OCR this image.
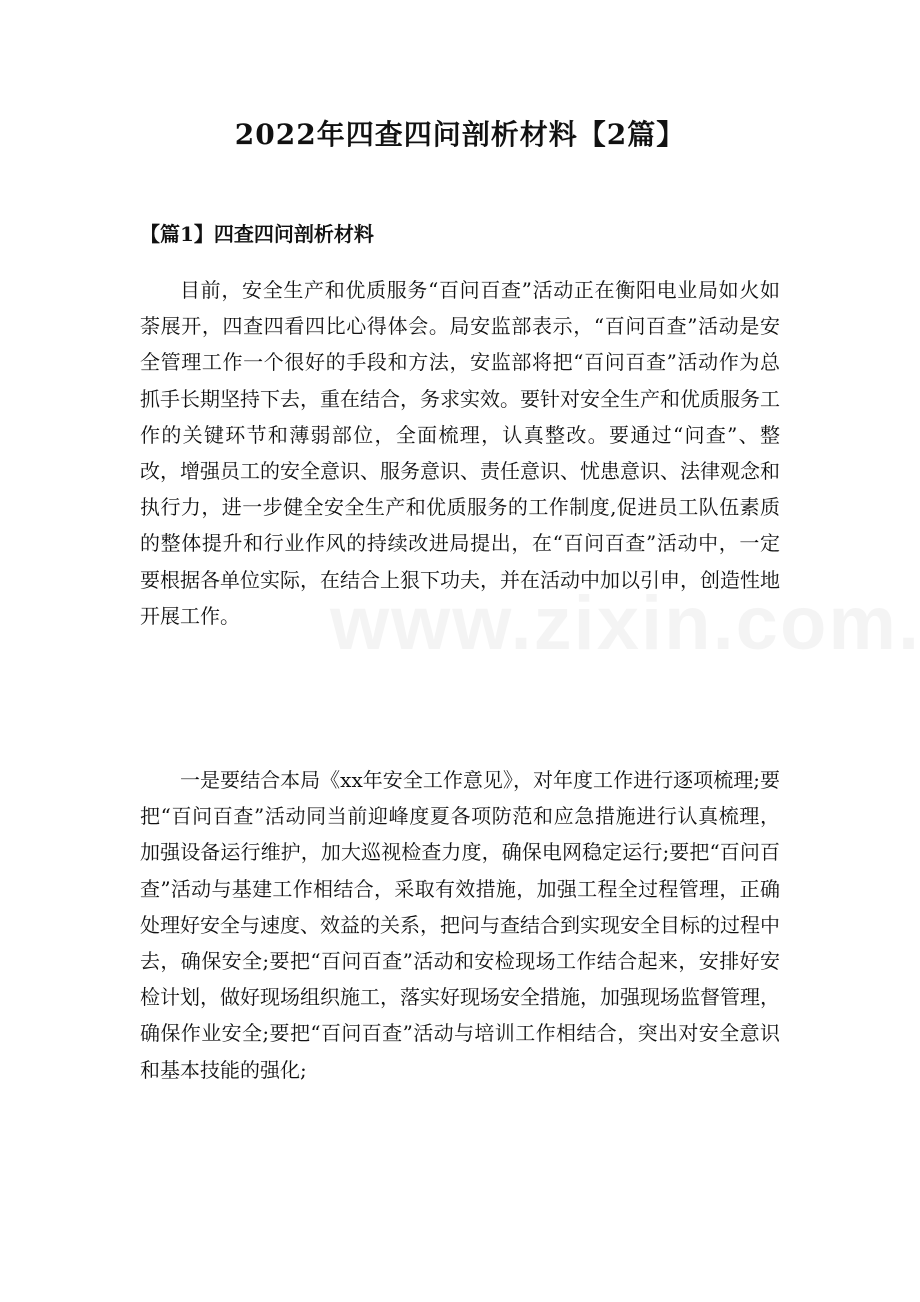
2022年四查四问剖析材料【2篇】
【篇1】四查四问剖析材料

目前，安全生产和优质服务“百问百查”活动正在衡阳电业局如火如荼展开，四查四看四比心得体会。局安监部表示，“百问百查”活动是安全管理工作一个很好的手段和方法，安监部将把“百问百查”活动作为总抓手长期坚持下去，重在结合，务求实效。要针对安全生产和优质服务工作的关键环节和薄弱部位，全面梳理，认真整改。要通过“问查”、整改，增强员工的安全意识、服务意识、责任意识、忧患意识、法律观念和执行力，进一步健全安全生产和优质服务的工作制度,促进员工队伍素质的整体提升和行业作风的持续改进局提出，在“百问百查”活动中，一定要根据各单位实际，在结合上狠下功夫，并在活动中加以引申，创造性地开展工作。

一是要结合本局《xx年安全工作意见》，对年度工作进行逐项梳理;要把“百问百查”活动同当前迎峰度夏各项防范和应急措施进行认真梳理，加强设备运行维护，加大巡视检查力度，确保电网稳定运行;要把“百问百查”活动与基建工作相结合，采取有效措施，加强工程全过程管理，正确处理好安全与速度、效益的关系，把问与查结合到实现安全目标的过程中去，确保安全;要把“百问百查”活动和安检现场工作结合起来，安排好安检计划，做好现场组织施工，落实好现场安全措施，加强现场监督管理，确保作业安全;要把“百问百查”活动与培训工作相结合，突出对安全意识和基本技能的强化;
